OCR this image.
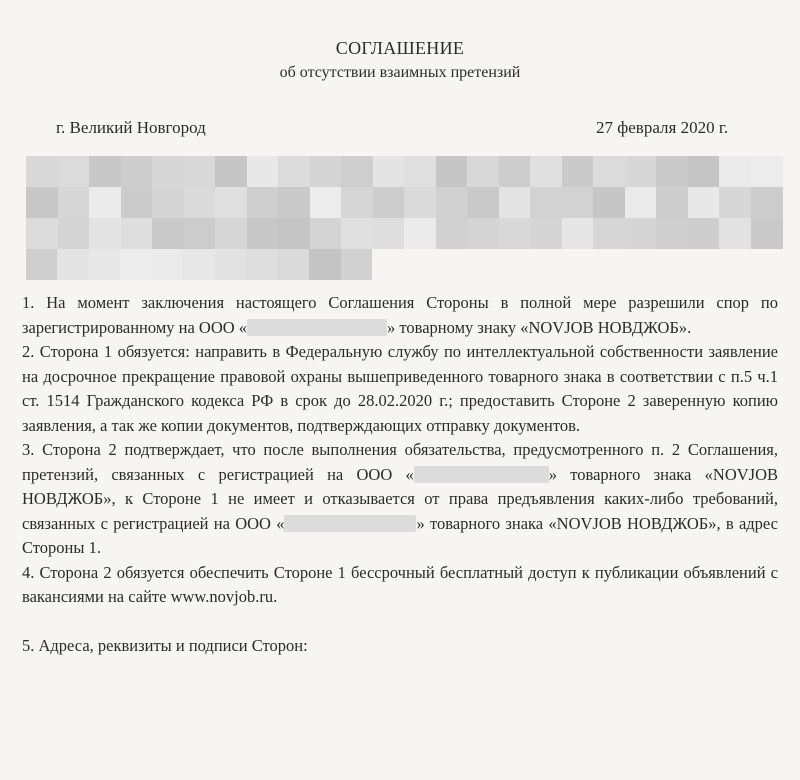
СОГЛАШЕНИЕ
об отсутствии взаимных претензий
г. Великий Новгород	27 февраля 2020 г.

1. На момент заключения настоящего Соглашения Стороны в полной мере разрешили спор по зарегистрированному на ООО «	» товарному знаку «NOVJOB НОВДЖОБ».

2. Сторона 1 обязуется: направить в Федеральную службу по интеллектуальной собственности заявление на досрочное прекращение правовой охраны вышеприведенного товарного знака в соответствии с п.5 ч.1 ст. 1514 Гражданского кодекса РФ в срок до 28.02.2020 г.; предоставить Стороне 2 заверенную копию заявления, а так же копии документов, подтверждающих отправку документов.

3. Сторона 2 подтверждает, что после выполнения обязательства, предусмотренного п. 2 Соглашения, претензий, связанных с регистрацией на ООО «	» товарного знака «NOVJOB НОВДЖОБ», к Стороне 1 не имеет и отказывается от права предъявления каких-либо требований, связанных с регистрацией на ООО «	» товарного знака «NOVJOB НОВДЖОБ», в адрес Стороны 1.

4. Сторона 2 обязуется обеспечить Стороне 1 бессрочный бесплатный доступ к публикации объявлений с вакансиями на сайте www.novjob.ru.

5. Адреса, реквизиты и подписи Сторон:
